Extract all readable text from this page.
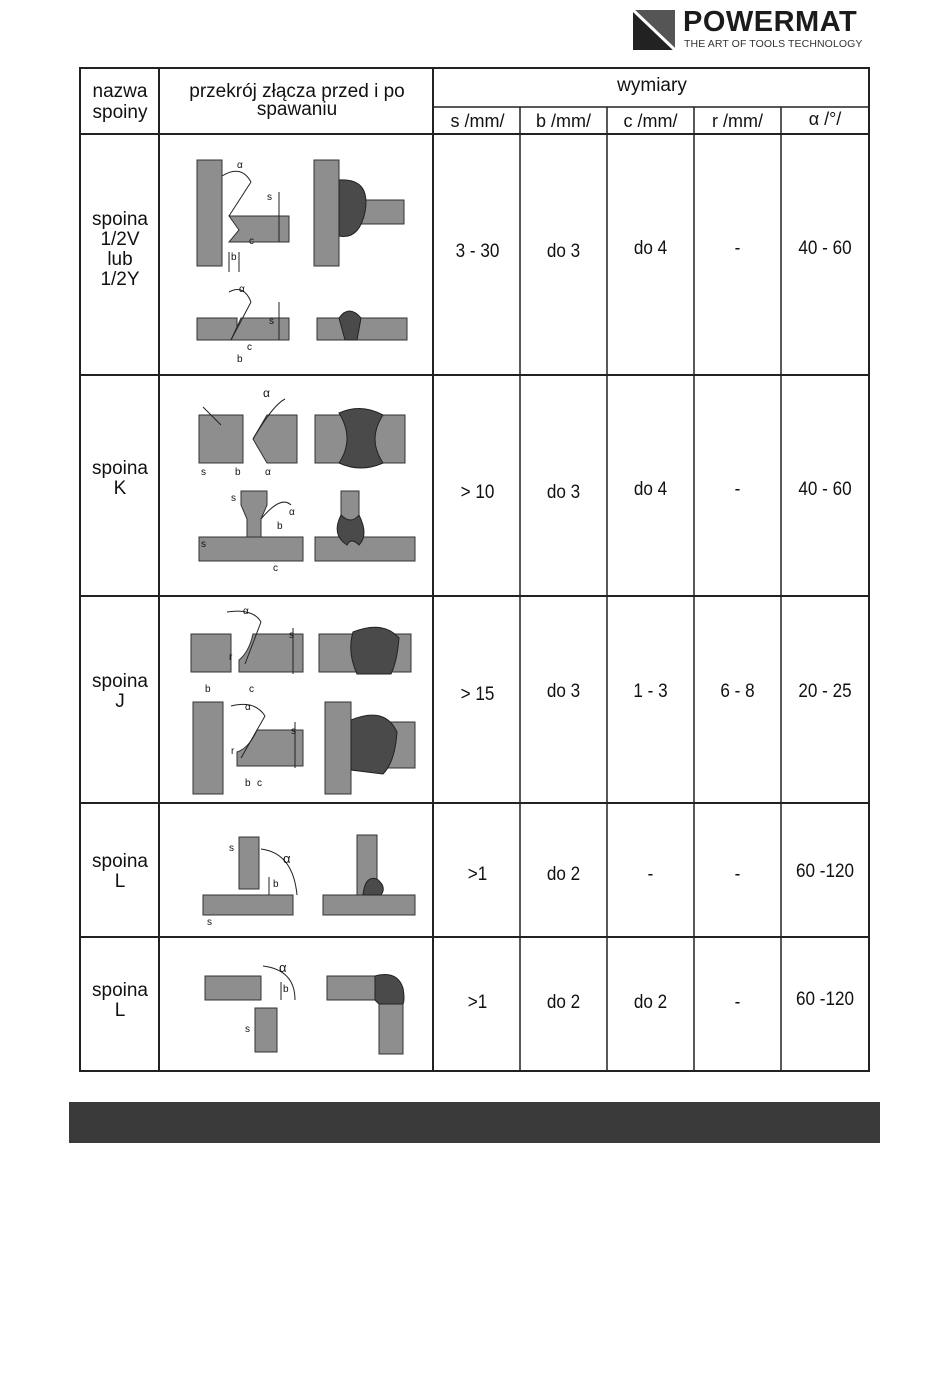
POWERMAT
THE ART OF TOOLS TECHNOLOGY
nazwa
spoiny
przekrój złącza przed i po
spawaniu
wymiary
s /mm/	b /mm/	c /mm/	r /mm/	α /°/
spoina
1/2V
lub
1/2Y
α
s
c
b
α
s
c
b
3 - 30	do 3	do 4	-	40 - 60
spoina
K
α
s	b α
s
α
b
s
c
> 10	do 3	do 4	-	40 - 60
spoina
J
α
s
r
b	c
α
s
r
b c
> 15	do 3	1 - 3	6 - 8	20 - 25
spoina
L
s
α
b
s
>1	do 2	-	-	60 -120
spoina
L
α
b
s
>1	do 2	do 2	-	60 -120
